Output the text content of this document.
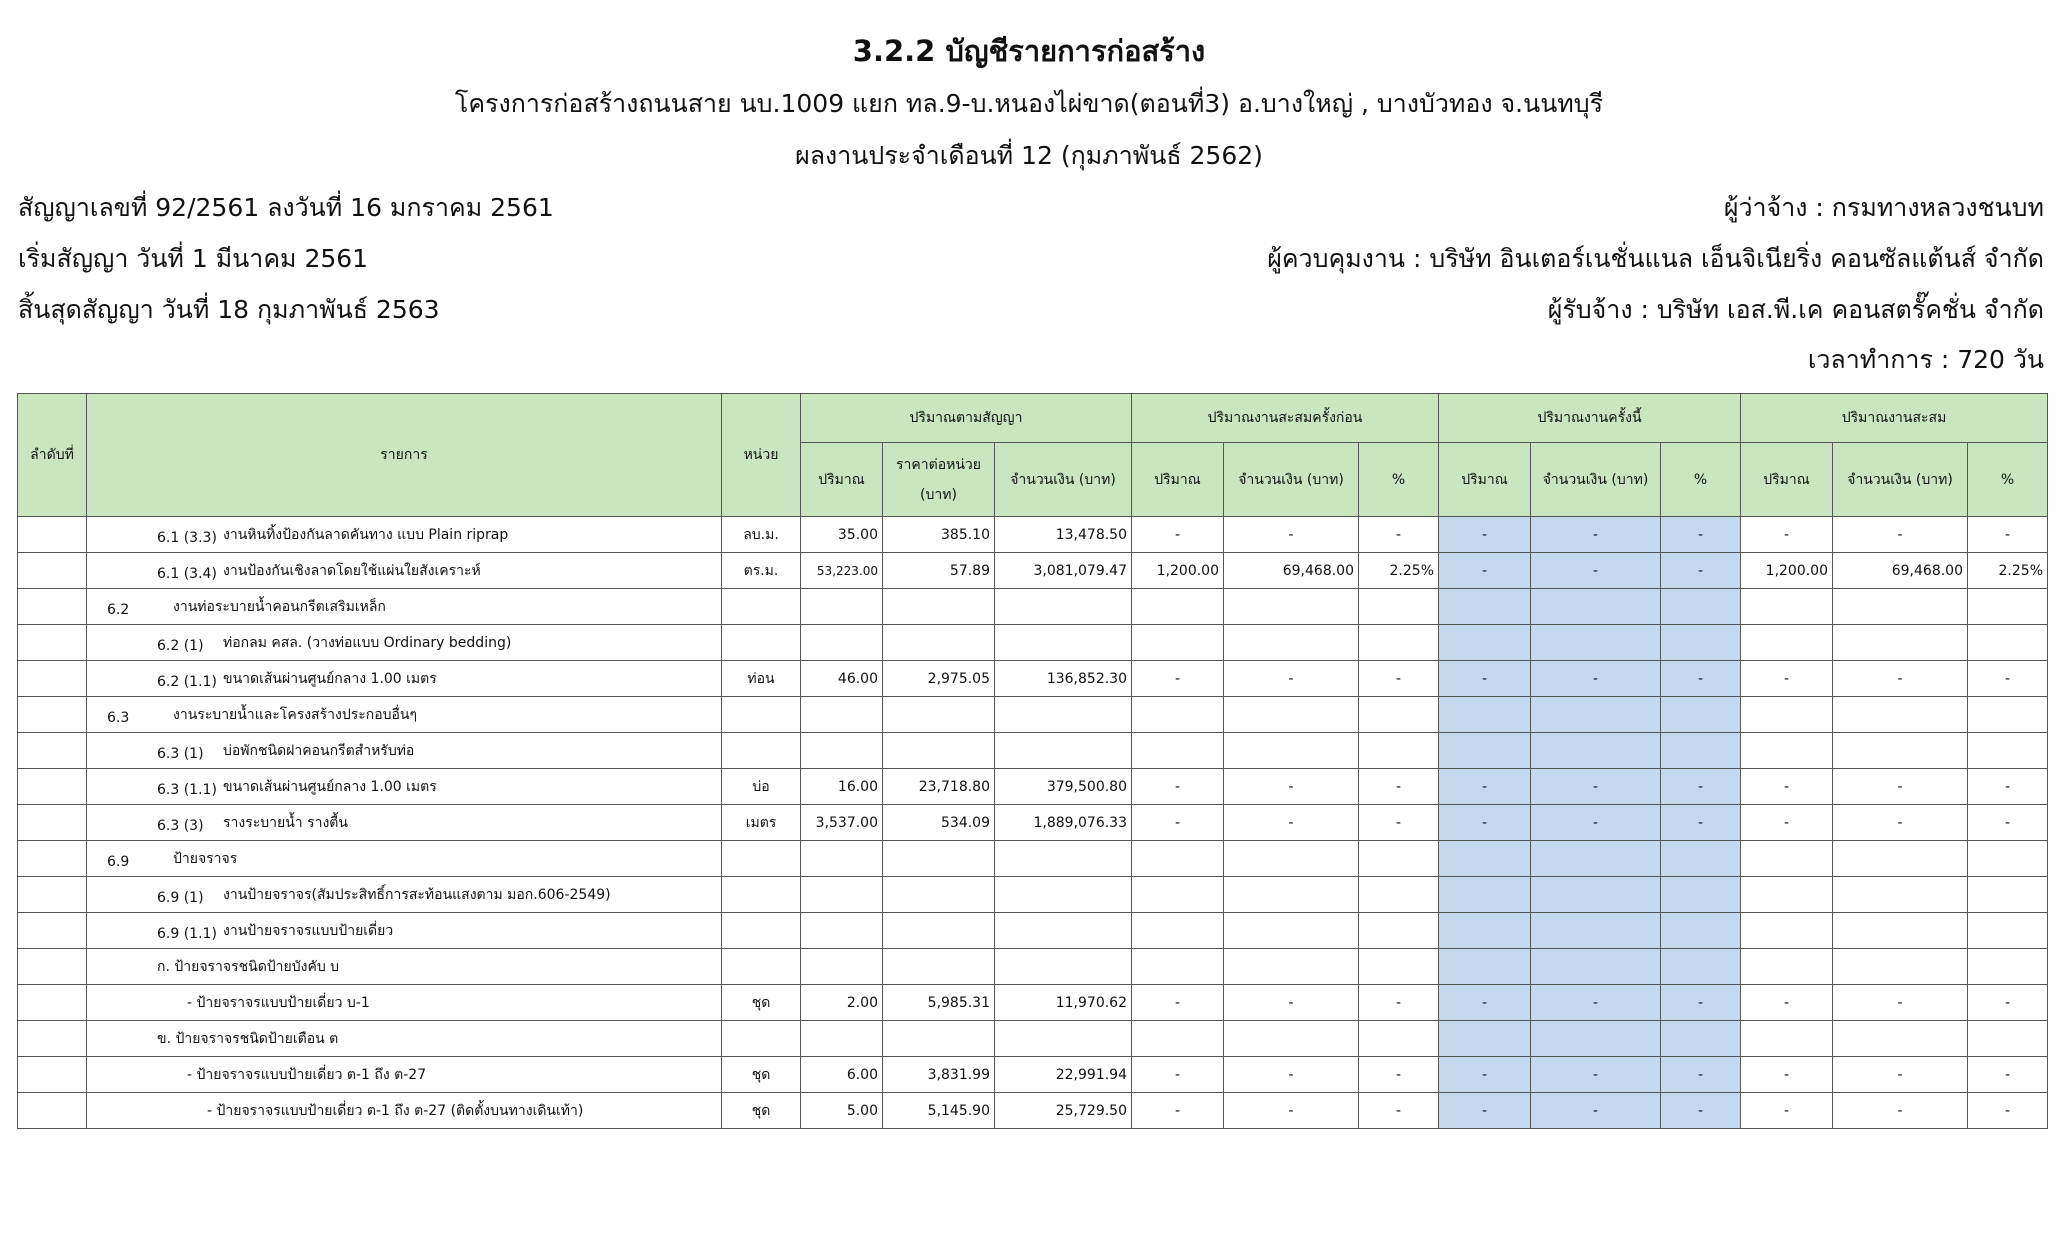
3.2.2 บัญชีรายการก่อสร้าง
โครงการก่อสร้างถนนสาย นบ.1009 แยก ทล.9-บ.หนองไผ่ขาด(ตอนที่3) อ.บางใหญ่ , บางบัวทอง จ.นนทบุรี
ผลงานประจำเดือนที่ 12 (กุมภาพันธ์ 2562)
สัญญาเลขที่ 92/2561 ลงวันที่ 16 มกราคม 2561
เริ่มสัญญา วันที่ 1 มีนาคม 2561
สิ้นสุดสัญญา วันที่ 18 กุมภาพันธ์ 2563
ผู้ว่าจ้าง : กรมทางหลวงชนบท
ผู้ควบคุมงาน : บริษัท อินเตอร์เนชั่นแนล เอ็นจิเนียริ่ง คอนซัลแต้นส์ จำกัด
ผู้รับจ้าง : บริษัท เอส.พี.เค คอนสตรั๊คชั่น จำกัด
เวลาทำการ : 720 วัน
ลำดับที่	รายการ	หน่วย	ปริมาณตามสัญญา			ปริมาณงานสะสมครั้งก่อน			ปริมาณงานครั้งนี้			ปริมาณงานสะสม		
			ปริมาณ	ราคาต่อหน่วย (บาท)	จำนวนเงิน (บาท)	ปริมาณ	จำนวนเงิน (บาท)	%	ปริมาณ	จำนวนเงิน (บาท)	%	ปริมาณ	จำนวนเงิน (บาท)	%
	6.1 (3.3) งานหินทิ้งป้องกันลาดคันทาง แบบ Plain riprap	ลบ.ม.	35.00	385.10	13,478.50	-	-	-	-	-	-	-	-	-
	6.1 (3.4) งานป้องกันเชิงลาดโดยใช้แผ่นใยสังเคราะห์	ตร.ม.	53,223.00	57.89	3,081,079.47	1,200.00	69,468.00	2.25%	-	-	-	1,200.00	69,468.00	2.25%
	6.2 งานท่อระบายน้ำคอนกรีตเสริมเหล็ก													
	6.2 (1) ท่อกลม คสล. (วางท่อแบบ Ordinary bedding)													
	6.2 (1.1) ขนาดเส้นผ่านศูนย์กลาง 1.00 เมตร	ท่อน	46.00	2,975.05	136,852.30	-	-	-	-	-	-	-	-	-
	6.3 งานระบายน้ำและโครงสร้างประกอบอื่นๆ													
	6.3 (1) บ่อพักชนิดฝาคอนกรีตสำหรับท่อ													
	6.3 (1.1) ขนาดเส้นผ่านศูนย์กลาง 1.00 เมตร	บ่อ	16.00	23,718.80	379,500.80	-	-	-	-	-	-	-	-	-
	6.3 (3) รางระบายน้ำ รางตื้น	เมตร	3,537.00	534.09	1,889,076.33	-	-	-	-	-	-	-	-	-
	6.9 ป้ายจราจร													
	6.9 (1) งานป้ายจราจร(สัมประสิทธิ์การสะท้อนแสงตาม มอก.606-2549)													
	6.9 (1.1) งานป้ายจราจรแบบป้ายเดี่ยว													
	ก. ป้ายจราจรชนิดป้ายบังคับ บ													
	- ป้ายจราจรแบบป้ายเดี่ยว บ-1	ชุด	2.00	5,985.31	11,970.62	-	-	-	-	-	-	-	-	-
	ข. ป้ายจราจรชนิดป้ายเตือน ต													
	- ป้ายจราจรแบบป้ายเดี่ยว ต-1 ถึง ต-27	ชุด	6.00	3,831.99	22,991.94	-	-	-	-	-	-	-	-	-
	- ป้ายจราจรแบบป้ายเดี่ยว ต-1 ถึง ต-27 (ติดตั้งบนทางเดินเท้า)	ชุด	5.00	5,145.90	25,729.50	-	-	-	-	-	-	-	-	-
